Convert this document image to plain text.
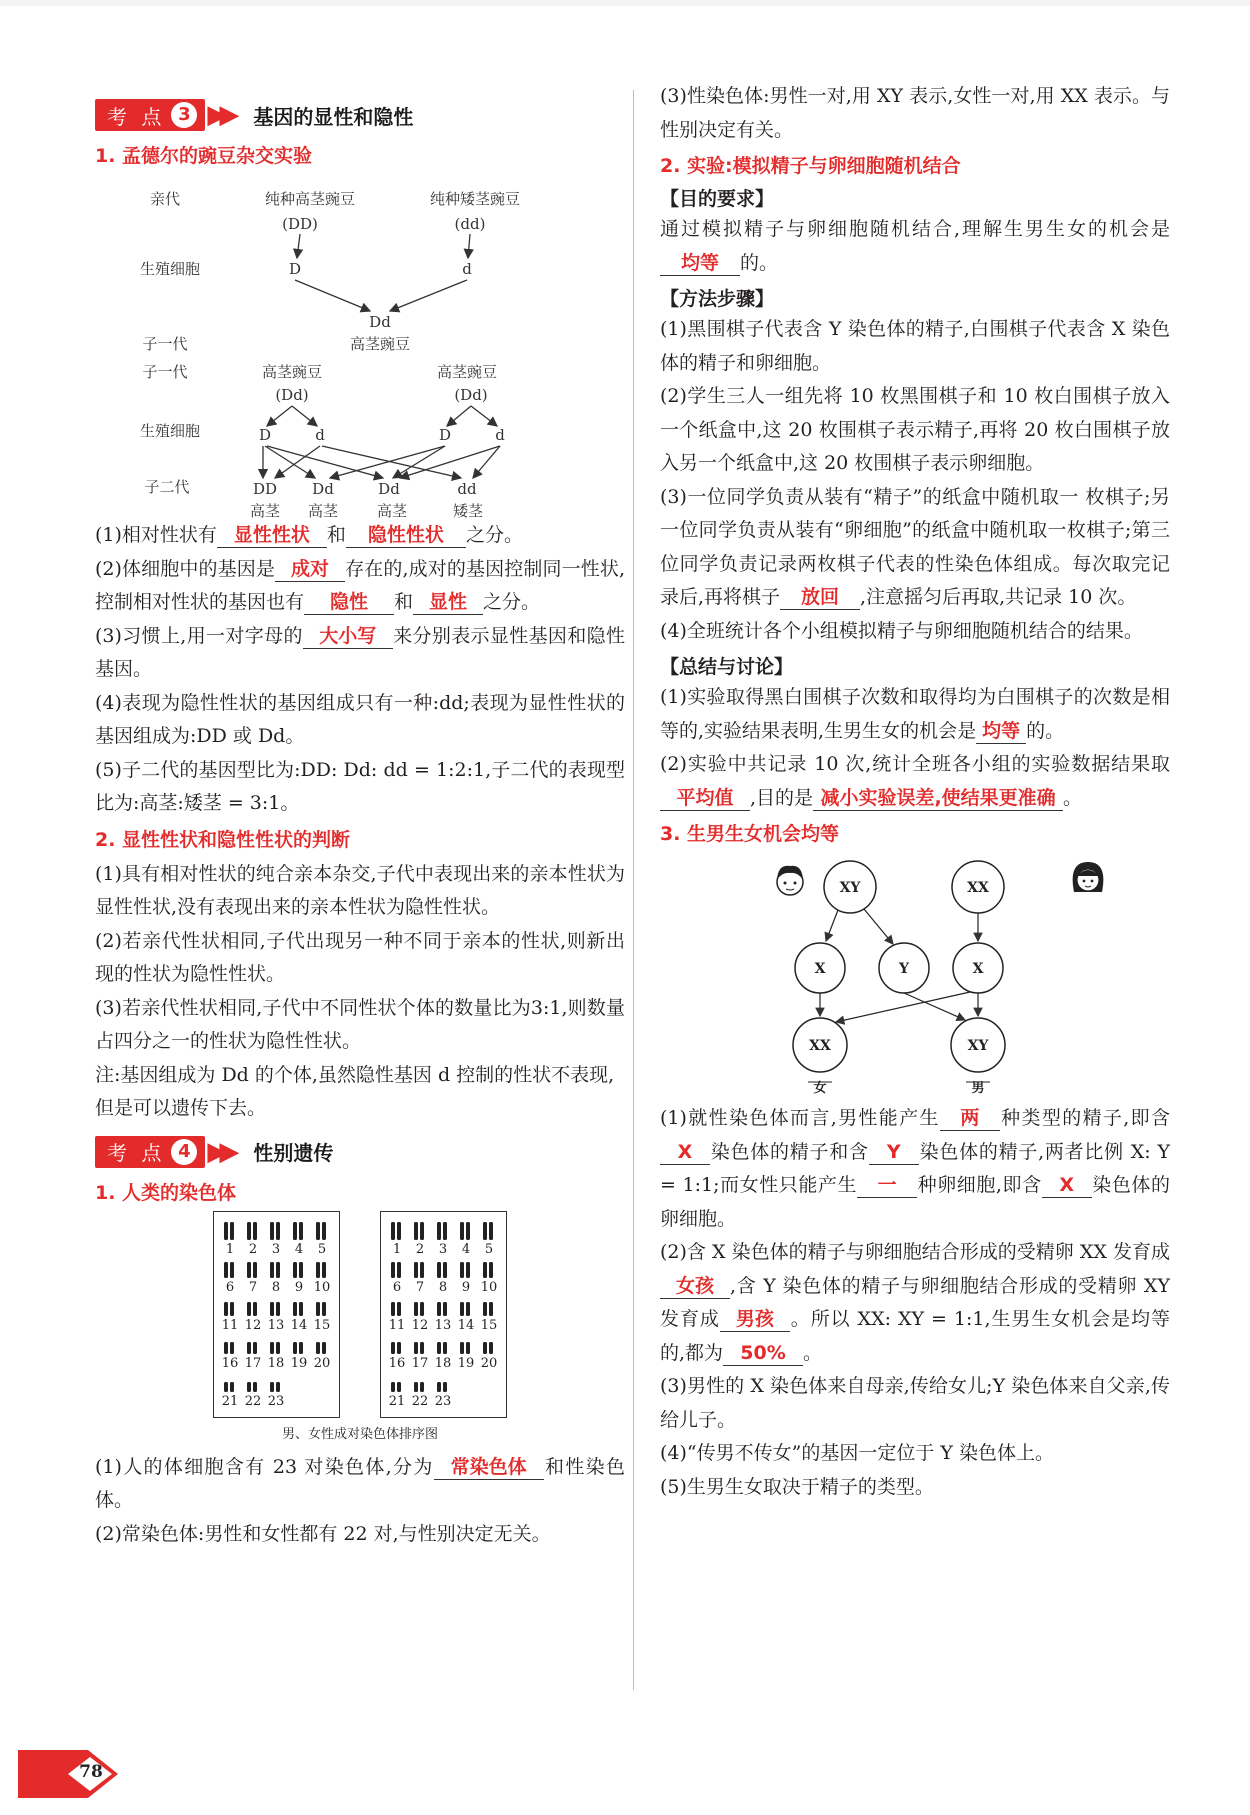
考 点 3 ▶▶ 基因的显性和隐性
1. 孟德尔的豌豆杂交实验
亲代
生殖细胞
子一代
子一代
生殖细胞
子二代
纯种高茎豌豆
(DD)
纯种矮茎豌豆
(dd)
D	d
Dd
高茎豌豆
高茎豌豆
(Dd)
高茎豌豆
(Dd)
D	d	D	d
DD Dd	Dd	dd
高茎 高茎	高茎	矮茎

(1)相对性状有 显性性状 和 隐性性状 之分。

(2)体细胞中的基因是 成对 存在的,成对的基因控制同一性状,控制相对性状的基因也有 隐性 和 显性 之分。

(3)习惯上,用一对字母的 大小写 来分别表示显性基因和隐性基因。

(4)表现为隐性性状的基因组成只有一种:dd;表现为显性性状的基因组成为:DD 或 Dd。

(5)子二代的基因型比为:DD: Dd: dd = 1:2:1,子二代的表现型比为:高茎:矮茎 = 3:1。

2. 显性性状和隐性性状的判断

(1)具有相对性状的纯合亲本杂交,子代中表现出来的亲本性状为显性性状,没有表现出来的亲本性状为隐性性状。

(2)若亲代性状相同,子代出现另一种不同于亲本的性状,则新出现的性状为隐性性状。

(3)若亲代性状相同,子代中不同性状个体的数量比为3:1,则数量占四分之一的性状为隐性性状。

注:基因组成为 Dd 的个体,虽然隐性基因 d 控制的性状不表现,但是可以遗传下去。

考 点 4 ▶▶ 性别遗传
1. 人类的染色体
1 2 3 4 5
6 7 8 9 10
11 12 13 14 15
16 17 18 19 20
21 22 23
1 2 3 4 5
6 7 8 9 10
11 12 13 14 15
16 17 18 19 20
21 22 23
男、女性成对染色体排序图

(1)人的体细胞含有 23 对染色体,分为 常染色体 和性染色体。

(2)常染色体:男性和女性都有 22 对,与性别决定无关。

(3)性染色体:男性一对,用 XY 表示,女性一对,用 XX 表示。与性别决定有关。

2. 实验:模拟精子与卵细胞随机结合
【目的要求】

通过模拟精子与卵细胞随机结合,理解生男生女的机会是均等 的。

【方法步骤】

(1)黑围棋子代表含 Y 染色体的精子,白围棋子代表含 X 染色体的精子和卵细胞。

(2)学生三人一组先将 10 枚黑围棋子和 10 枚白围棋子放入一个纸盒中,这 20 枚围棋子表示精子,再将 20 枚白围棋子放入另一个纸盒中,这 20 枚围棋子表示卵细胞。

(3)一位同学负责从装有“精子”的纸盒中随机取一 枚棋子;另一位同学负责从装有“卵细胞”的纸盒中随机取一枚棋子;第三位同学负责记录两枚棋子代表的性染色体组成。每次取完记录后,再将棋子 放回 ,注意摇匀后再取,共记录 10 次。

(4)全班统计各个小组模拟精子与卵细胞随机结合的结果。

【总结与讨论】

(1)实验取得黑白围棋子次数和取得均为白围棋子的次数是相等的,实验结果表明,生男生女的机会是 均等 的。

(2)实验中共记录 10 次,统计全班各小组的实验数据结果取平均值 ,目的是 减小实验误差,使结果更准确 。

3. 生男生女机会均等
XY	XX
X	Y	X
XX	XY
女	男

(1)就性染色体而言,男性能产生 两 种类型的精子,即含X 染色体的精子和含 Y 染色体的精子,两者比例 X: Y = 1:1;而女性只能产生 一 种卵细胞,即含 X 染色体的卵细胞。

(2)含 X 染色体的精子与卵细胞结合形成的受精卵 XX 发育成女孩 ,含 Y 染色体的精子与卵细胞结合形成的受精卵 XY 发育成 男孩 。所以 XX: XY = 1:1,生男生女机会是均等的,都为 50% 。

(3)男性的 X 染色体来自母亲,传给女儿;Y 染色体来自父亲,传给儿子。

(4)“传男不传女”的基因一定位于 Y 染色体上。

(5)生男生女取决于精子的类型。

78
